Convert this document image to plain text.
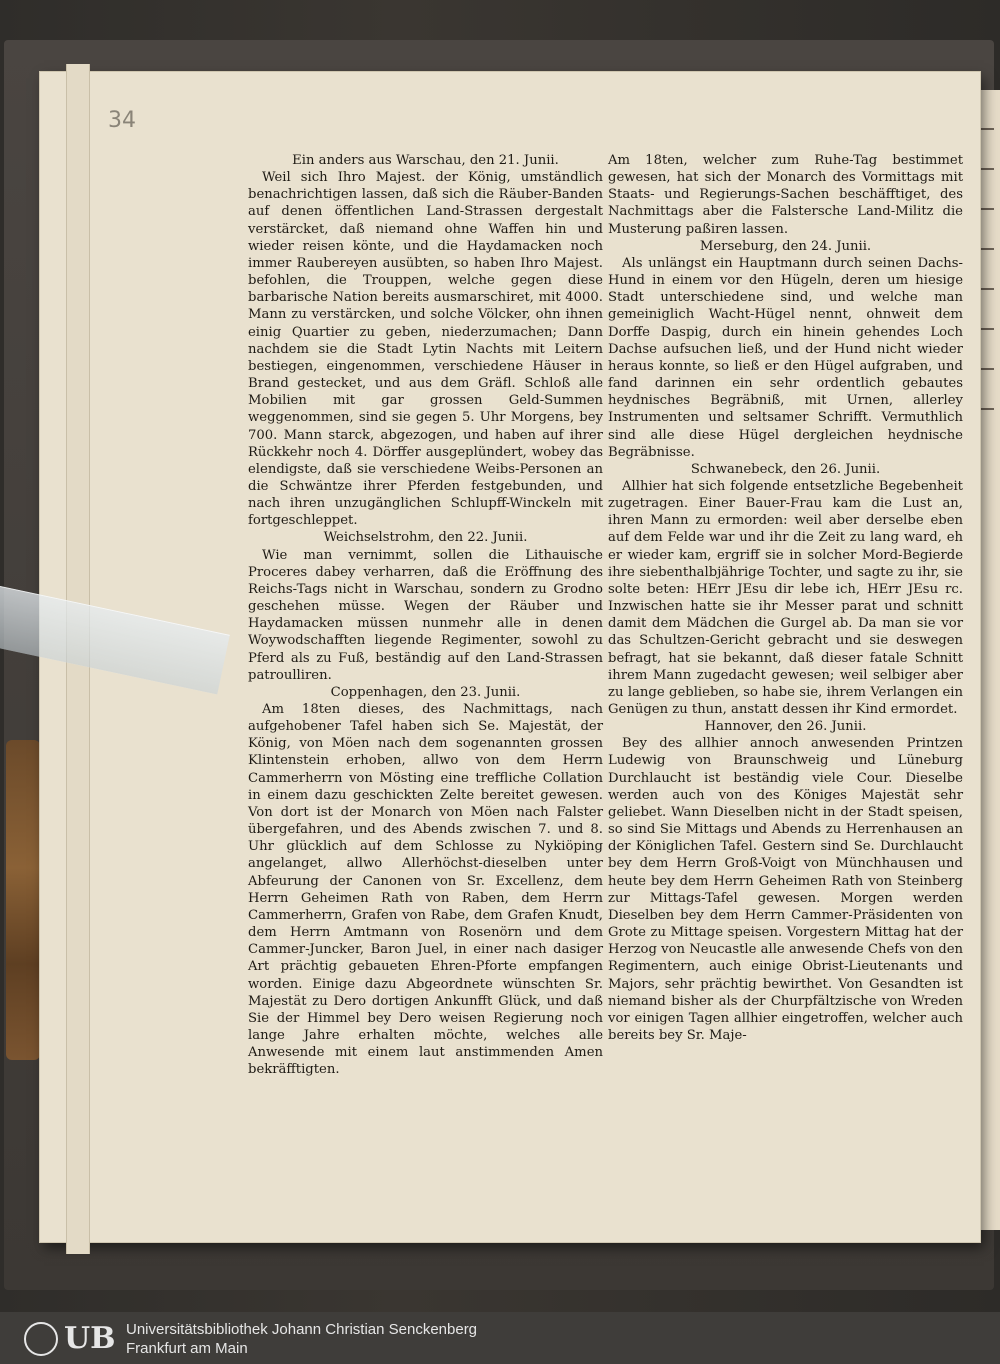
34
Ein anders aus Warschau, den 21. Junii.

Weil sich Ihro Majest. der König, umständlich benachrichtigen lassen, daß sich die Räuber-Banden auf denen öffentlichen Land-Strassen dergestalt verstärcket, daß niemand ohne Waffen hin und wieder reisen könte, und die Haydamacken noch immer Raubereyen ausübten, so haben Ihro Majest. befohlen, die Trouppen, welche gegen diese barbarische Nation bereits ausmarschiret, mit 4000. Mann zu verstärcken, und solche Völcker, ohn ihnen einig Quartier zu geben, niederzumachen; Dann nachdem sie die Stadt Lytin Nachts mit Leitern bestiegen, eingenommen, verschiedene Häuser in Brand gestecket, und aus dem Gräfl. Schloß alle Mobilien mit gar grossen Geld-Summen weggenommen, sind sie gegen 5. Uhr Morgens, bey 700. Mann starck, abgezogen, und haben auf ihrer Rückkehr noch 4. Dörffer ausgeplündert, wobey das elendigste, daß sie verschiedene Weibs-Personen an die Schwäntze ihrer Pferden festgebunden, und nach ihren unzugänglichen Schlupff-Winckeln mit fortgeschleppet.

Weichselstrohm, den 22. Junii.

Wie man vernimmt, sollen die Lithauische Proceres dabey verharren, daß die Eröffnung des Reichs-Tags nicht in Warschau, sondern zu Grodno geschehen müsse. Wegen der Räuber und Haydamacken müssen nunmehr alle in denen Woywodschafften liegende Regimenter, sowohl zu Pferd als zu Fuß, beständig auf den Land-Strassen patroulliren.

Coppenhagen, den 23. Junii.

Am 18ten dieses, des Nachmittags, nach aufgehobener Tafel haben sich Se. Majestät, der König, von Möen nach dem sogenannten grossen Klintenstein erhoben, allwo von dem Herrn Cammerherrn von Mösting eine treffliche Collation in einem dazu geschickten Zelte bereitet gewesen. Von dort ist der Monarch von Möen nach Falster übergefahren, und des Abends zwischen 7. und 8. Uhr glücklich auf dem Schlosse zu Nykiöping angelanget, allwo Allerhöchst-dieselben unter Abfeurung der Canonen von Sr. Excellenz, dem Herrn Geheimen Rath von Raben, dem Herrn Cammerherrn, Grafen von Rabe, dem Grafen Knudt, dem Herrn Amtmann von Rosenörn und dem Cammer-Juncker, Baron Juel, in einer nach dasiger Art prächtig gebaueten Ehren-Pforte empfangen worden. Einige dazu Abgeordnete wünschten Sr. Majestät zu Dero dortigen Ankunfft Glück, und daß Sie der Himmel bey Dero weisen Regierung noch lange Jahre erhalten möchte, welches alle Anwesende mit einem laut anstimmenden Amen bekräfftigten.

Am 18ten, welcher zum Ruhe-Tag bestimmet gewesen, hat sich der Monarch des Vormittags mit Staats- und Regierungs-Sachen beschäfftiget, des Nachmittags aber die Falstersche Land-Militz die Musterung paßiren lassen.

Merseburg, den 24. Junii.

Als unlängst ein Hauptmann durch seinen Dachs-Hund in einem vor den Hügeln, deren um hiesige Stadt unterschiedene sind, und welche man gemeiniglich Wacht-Hügel nennt, ohnweit dem Dorffe Daspig, durch ein hinein gehendes Loch Dachse aufsuchen ließ, und der Hund nicht wieder heraus konnte, so ließ er den Hügel aufgraben, und fand darinnen ein sehr ordentlich gebautes heydnisches Begräbniß, mit Urnen, allerley Instrumenten und seltsamer Schrifft. Vermuthlich sind alle diese Hügel dergleichen heydnische Begräbnisse.

Schwanebeck, den 26. Junii.

Allhier hat sich folgende entsetzliche Begebenheit zugetragen. Einer Bauer-Frau kam die Lust an, ihren Mann zu ermorden: weil aber derselbe eben auf dem Felde war und ihr die Zeit zu lang ward, eh er wieder kam, ergriff sie in solcher Mord-Begierde ihre siebenthalbjährige Tochter, und sagte zu ihr, sie solte beten: HErr JEsu dir lebe ich, HErr JEsu rc. Inzwischen hatte sie ihr Messer parat und schnitt damit dem Mädchen die Gurgel ab. Da man sie vor das Schultzen-Gericht gebracht und sie deswegen befragt, hat sie bekannt, daß dieser fatale Schnitt ihrem Mann zugedacht gewesen; weil selbiger aber zu lange geblieben, so habe sie, ihrem Verlangen ein Genügen zu thun, anstatt dessen ihr Kind ermordet.

Hannover, den 26. Junii.

Bey des allhier annoch anwesenden Printzen Ludewig von Braunschweig und Lüneburg Durchlaucht ist beständig viele Cour. Dieselbe werden auch von des Königes Majestät sehr geliebet. Wann Dieselben nicht in der Stadt speisen, so sind Sie Mittags und Abends zu Herrenhausen an der Königlichen Tafel. Gestern sind Se. Durchlaucht bey dem Herrn Groß-Voigt von Münchhausen und heute bey dem Herrn Geheimen Rath von Steinberg zur Mittags-Tafel gewesen. Morgen werden Dieselben bey dem Herrn Cammer-Präsidenten von Grote zu Mittage speisen. Vorgestern Mittag hat der Herzog von Neucastle alle anwesende Chefs von den Regimentern, auch einige Obrist-Lieutenants und Majors, sehr prächtig bewirthet. Von Gesandten ist niemand bisher als der Churpfältzische von Wreden vor einigen Tagen allhier eingetroffen, welcher auch bereits bey Sr. Maje-

UB Universitätsbibliothek Johann Christian Senckenberg
Frankfurt am Main
